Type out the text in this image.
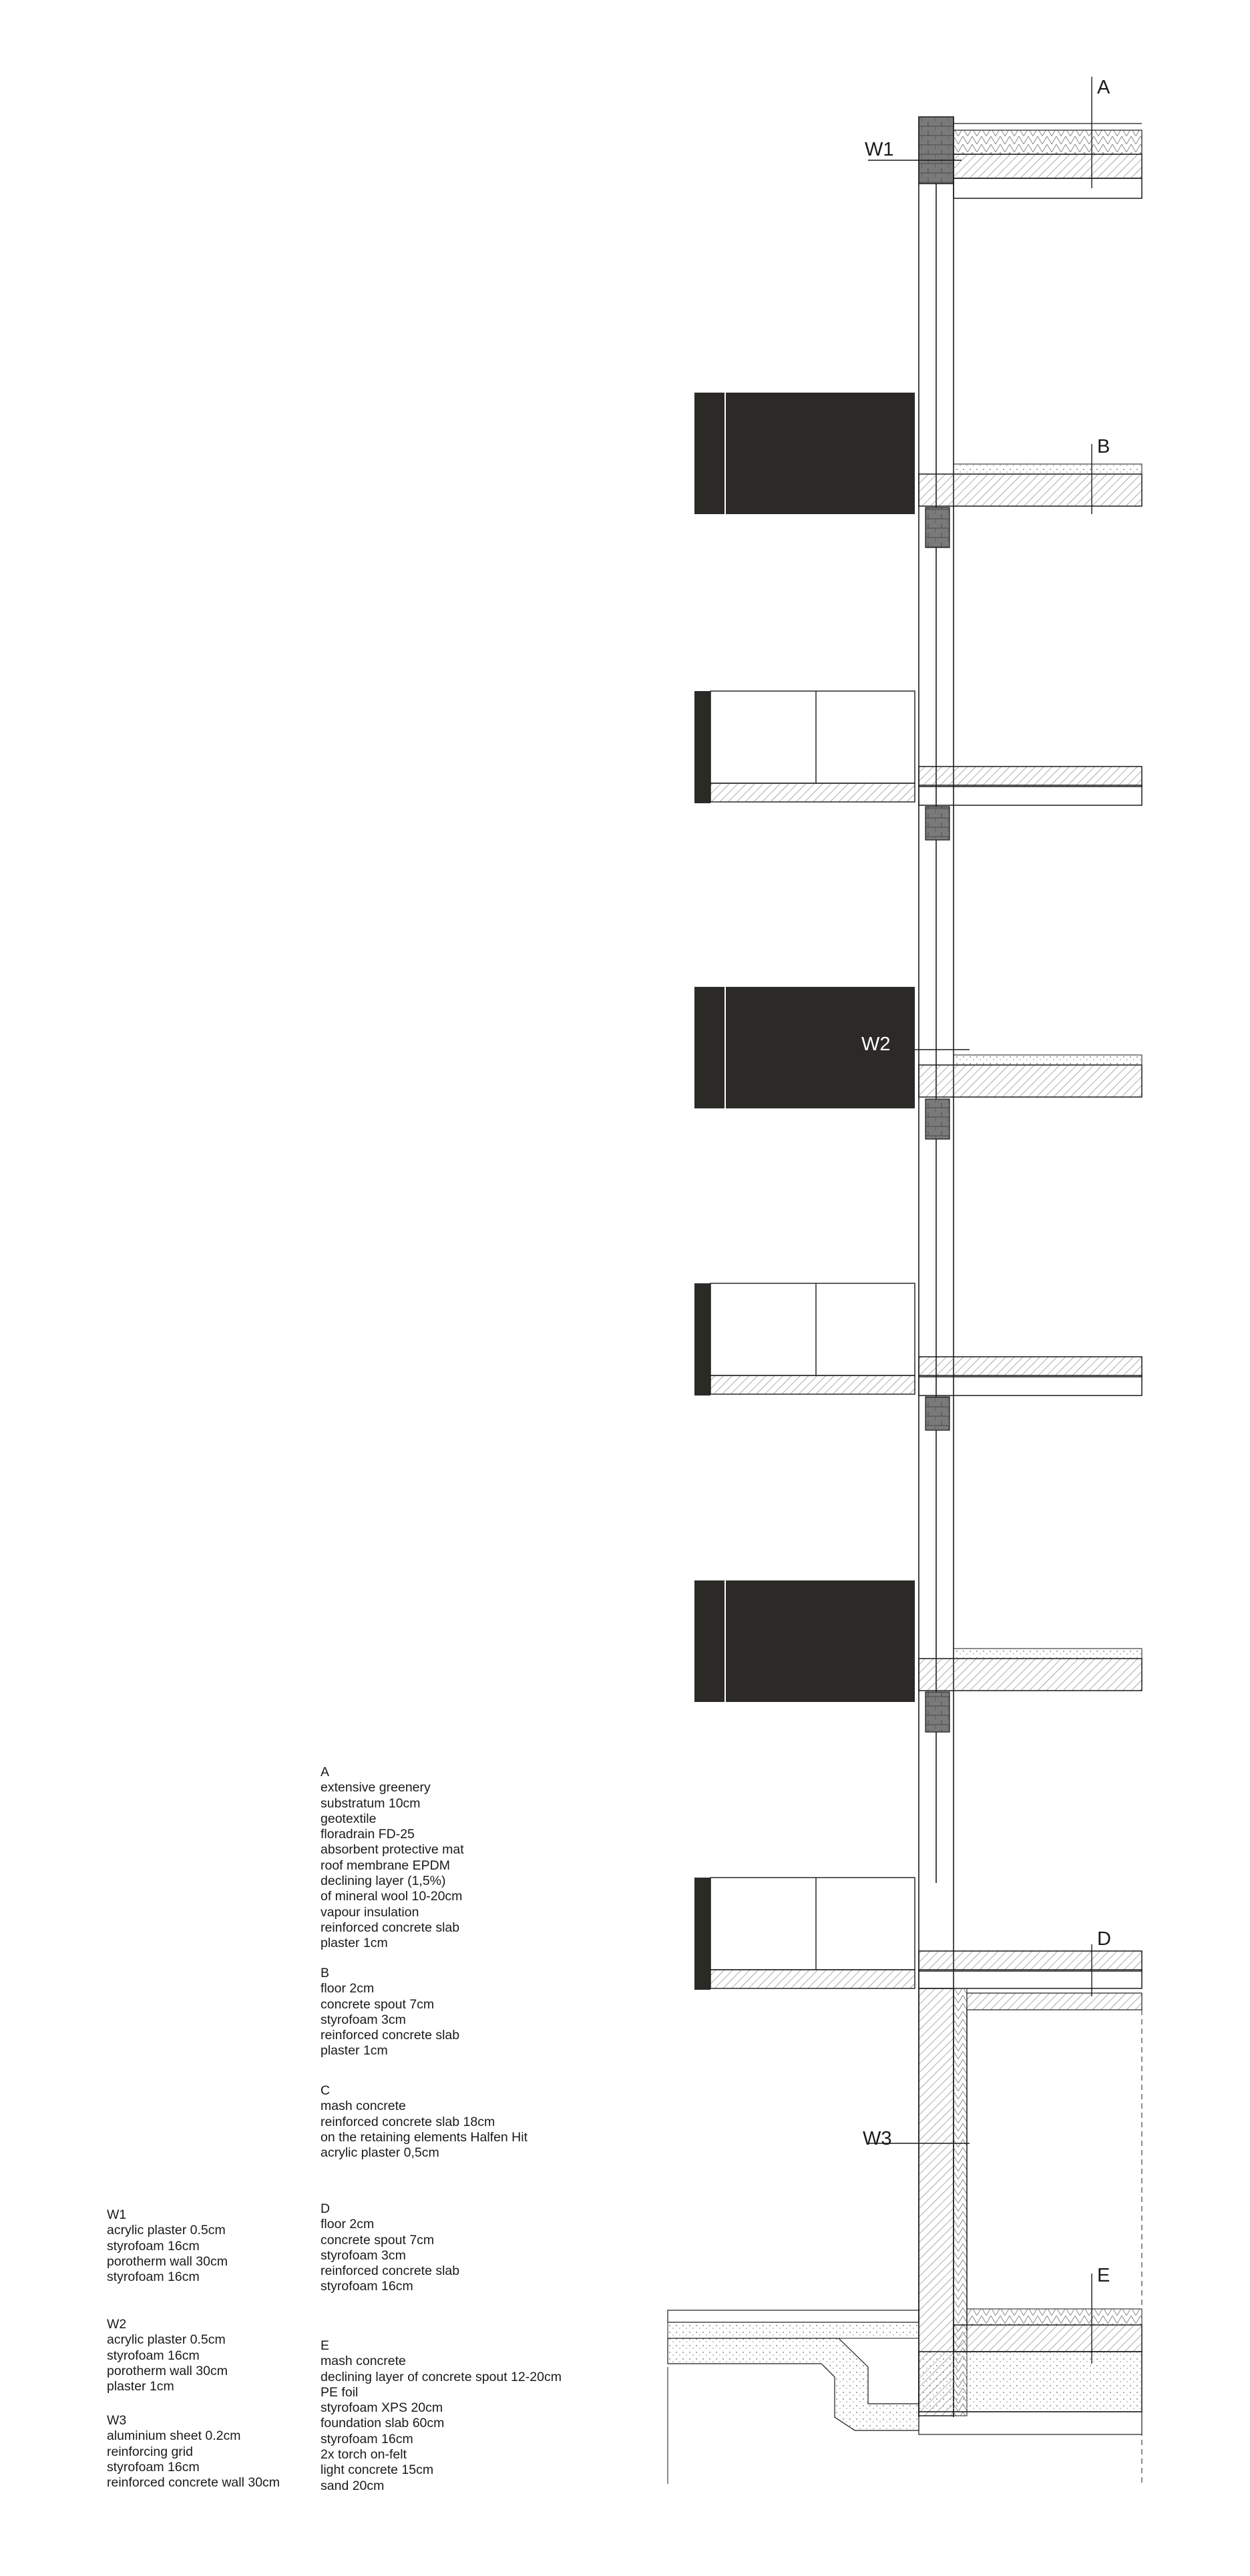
A
B
D
E
W1
W2
W3
A
extensive greenery
substratum 10cm
geotextile
floradrain FD-25
absorbent protective mat
roof membrane EPDM
declining layer (1,5%)
of mineral wool 10-20cm
vapour insulation
reinforced concrete slab
plaster 1cm
B
floor 2cm
concrete spout 7cm
styrofoam 3cm
reinforced concrete slab
plaster 1cm
C
mash concrete
reinforced concrete slab 18cm
on the retaining elements Halfen Hit
acrylic plaster 0,5cm
D
floor 2cm
concrete spout 7cm
styrofoam 3cm
reinforced concrete slab
styrofoam 16cm
E
mash concrete
declining layer of concrete spout 12-20cm
PE foil
styrofoam XPS 20cm
foundation slab 60cm
styrofoam 16cm
2x torch on-felt
light concrete 15cm
sand 20cm
W1
acrylic plaster 0.5cm
styrofoam 16cm
porotherm wall 30cm
styrofoam 16cm
W2
acrylic plaster 0.5cm
styrofoam 16cm
porotherm wall 30cm
plaster 1cm
W3
aluminium sheet 0.2cm
reinforcing grid
styrofoam 16cm
reinforced concrete wall 30cm
